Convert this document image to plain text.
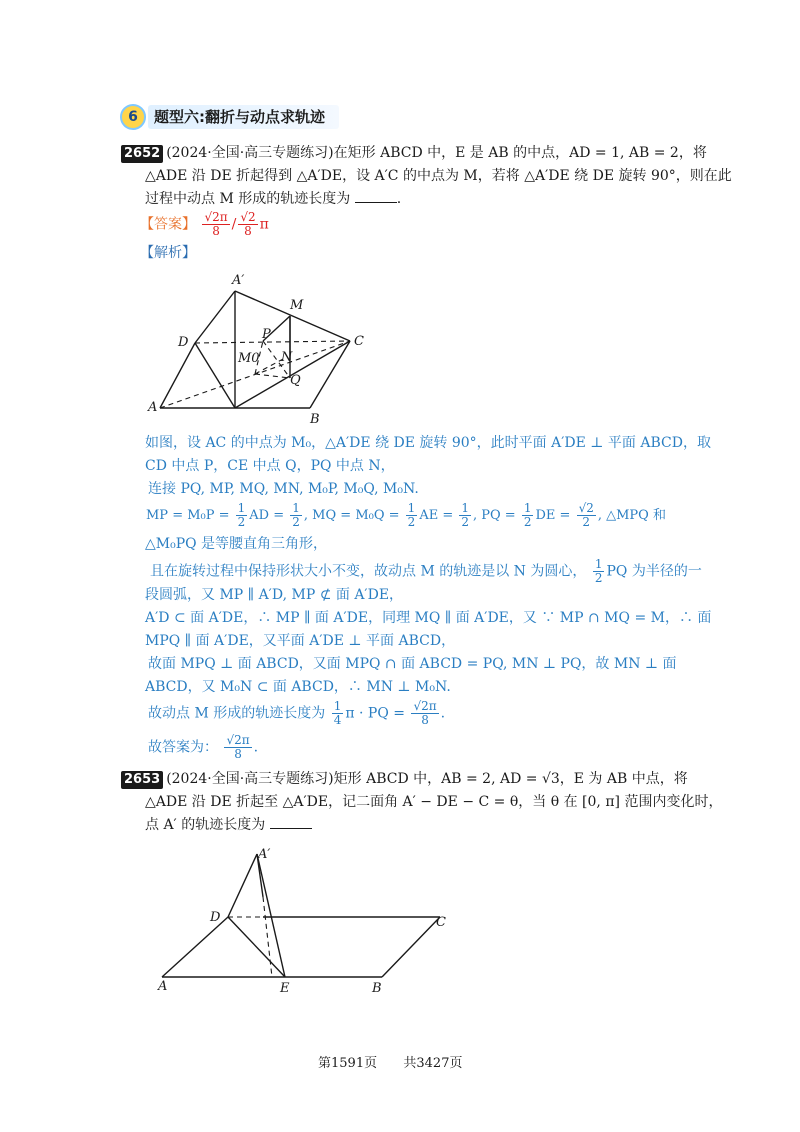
6	题型六:翻折与动点求轨迹
2652 (2024·全国·高三专题练习)在矩形 ABCD 中，E 是 AB 的中点，AD = 1, AB = 2，将
△ADE 沿 DE 折起得到 △A′DE，设 A′C 的中点为 M，若将 △A′DE 绕 DE 旋转 90°，则在此
过程中动点 M 形成的轨迹长度为	.
【答案】 $\frac{√2\pi}{8} / \frac{√2}{8}$ π
【解析】
A′
M
D	C
P
M0 N
Q
A
B
如图，设 AC 的中点为 M₀，△A′DE 绕 DE 旋转 90°，此时平面 A′DE ⊥ 平面 ABCD，取
CD 中点 P，CE 中点 Q，PQ 中点 N，
连接 PQ, MP, MQ, MN, M₀P, M₀Q, M₀N.
MP = $M_0P = \frac{1}{2}$ AD = $\frac{1}{2}$ , MQ = $M_0Q = \frac{1}{2}$ AE = $\frac{1}{2}$ , PQ = $\frac{1}{2}$ DE = $\frac{√2}{2}$ , △MPQ 和
△M₀PQ 是等腰直角三角形，
且在旋转过程中保持形状大小不变，故动点 M 的轨迹是以 N 为圆心， $\frac{1}{2}$ PQ 为半径的一
段圆弧，又 MP ∥ A′D, MP ⊄ 面 A′DE，
A′D ⊂ 面 A′DE，∴ MP ∥ 面 A′DE，同理 MQ ∥ 面 A′DE，又 ∵ MP ∩ MQ = M，∴ 面
MPQ ∥ 面 A′DE，又平面 A′DE ⊥ 平面 ABCD，
故面 MPQ ⊥ 面 ABCD，又面 MPQ ∩ 面 ABCD = PQ, MN ⊥ PQ，故 MN ⊥ 面
ABCD，又 M₀N ⊂ 面 ABCD，∴ MN ⊥ M₀N.
故动点 M 形成的轨迹长度为 $\frac{1}{4}$ π · PQ = $\frac{√2\pi}{8}$ .
故答案为： $\frac{√2\pi}{8}$ .
2653 (2024·全国·高三专题练习)矩形 ABCD 中，AB = 2, AD = √3，E 为 AB 中点，将
△ADE 沿 DE 折起至 △A′DE，记二面角 A′ − DE − C = θ，当 θ 在 [0, π] 范围内变化时，
点 A′ 的轨迹长度为
A′
D	C
A	E	B
第1591页 共3427页
